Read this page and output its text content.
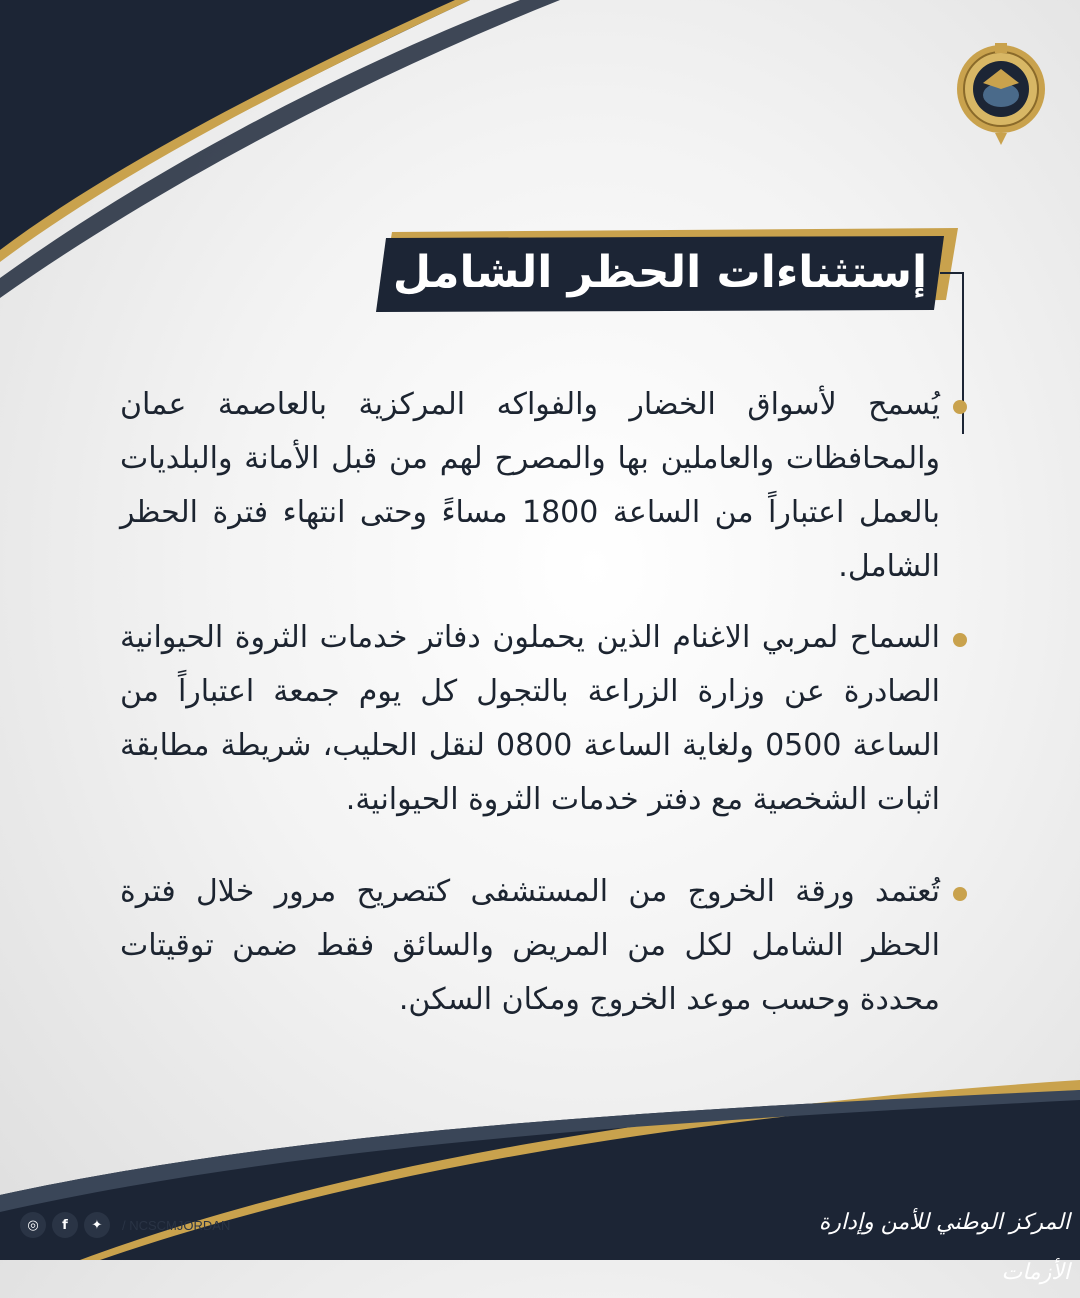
إستثناءات الحظر الشامل

يُسمح لأسواق الخضار والفواكه المركزية بالعاصمة عمان والمحافظات والعاملين بها والمصرح لهم من قبل الأمانة والبلديات بالعمل اعتباراً من الساعة 1800 مساءً وحتى انتهاء فترة الحظر الشامل.

السماح لمربي الاغنام الذين يحملون دفاتر خدمات الثروة الحيوانية الصادرة عن وزارة الزراعة بالتجول كل يوم جمعة اعتباراً من الساعة 0500 ولغاية الساعة 0800 لنقل الحليب، شريطة مطابقة اثبات الشخصية مع دفتر خدمات الثروة الحيوانية.

تُعتمد ورقة الخروج من المستشفى كتصريح مرور خلال فترة الحظر الشامل لكل من المريض والسائق فقط ضمن توقيتات محددة وحسب موعد الخروج ومكان السكن.

◎	f	✦	/ NCSCMJORDAN	المركز الوطني للأمن وإدارة الأزمات
